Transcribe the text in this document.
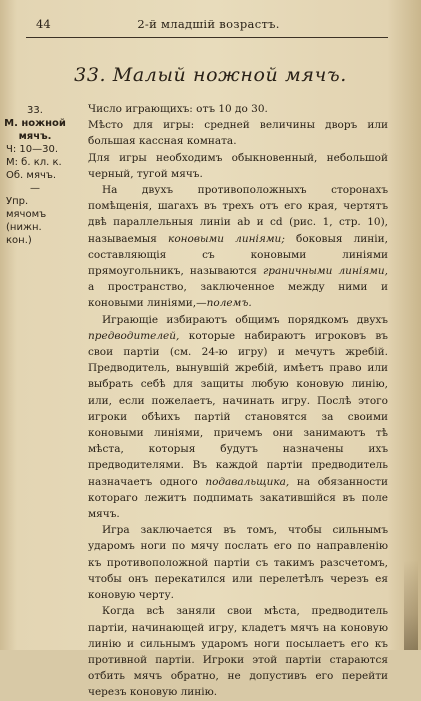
44	2-й младшій возрастъ.
33. Малый ножной мячъ.
33.
М. ножной
мячъ.
Ч: 10—30.
М: б. кл. к.
Об. мячъ.
—
Упр. мячомъ
(нижн. кон.)

Число играющихъ: отъ 10 до 30.

Мѣсто для игры: средней величины дворъ или большая кассная комната.

Для игры необходимъ обыкновенный, небольшой черный, тугой мячъ.

На двухъ противоположныхъ сторонахъ помѣщенія, шагахъ въ трехъ отъ его края, чертятъ двѣ параллельныя линіи ab и cd (рис. 1, стр. 10), называемыя коновыми линіями; боковыя линіи, составляющія съ коновыми линіями прямоугольникъ, называются граничными линіями, а пространство, заключенное между ними и коновыми линіями,—полемъ.

Играющіе избираютъ общимъ порядкомъ двухъ предводителей, которые набираютъ игроковъ въ свои партіи (см. 24-ю игру) и мечутъ жребій. Предводитель, вынувшій жребій, имѣетъ право или выбрать себѣ для защиты любую коновую линію, или, если пожелаетъ, начинать игру. Послѣ этого игроки обѣихъ партій становятся за своими коновыми линіями, причемъ они занимаютъ тѣ мѣста, которыя будутъ назначены ихъ предводителями. Въ каждой партіи предводитель назначаетъ одного подавальщика, на обязанности котораго лежитъ подпимать закатившійся въ поле мячъ.

Игра заключается въ томъ, чтобы сильнымъ ударомъ ноги по мячу послать его по направленію къ противоположной партіи съ такимъ разсчетомъ, чтобы онъ перекатился или перелетѣлъ черезъ ея коновую черту.

Когда всѣ заняли свои мѣста, предводитель партіи, начинающей игру, кладетъ мячъ на коновую линію и сильнымъ ударомъ ноги посылаетъ его къ противной партіи. Игроки этой партіи стараются отбить мячъ обратно, не допустивъ его перейти черезъ коновую линію.
